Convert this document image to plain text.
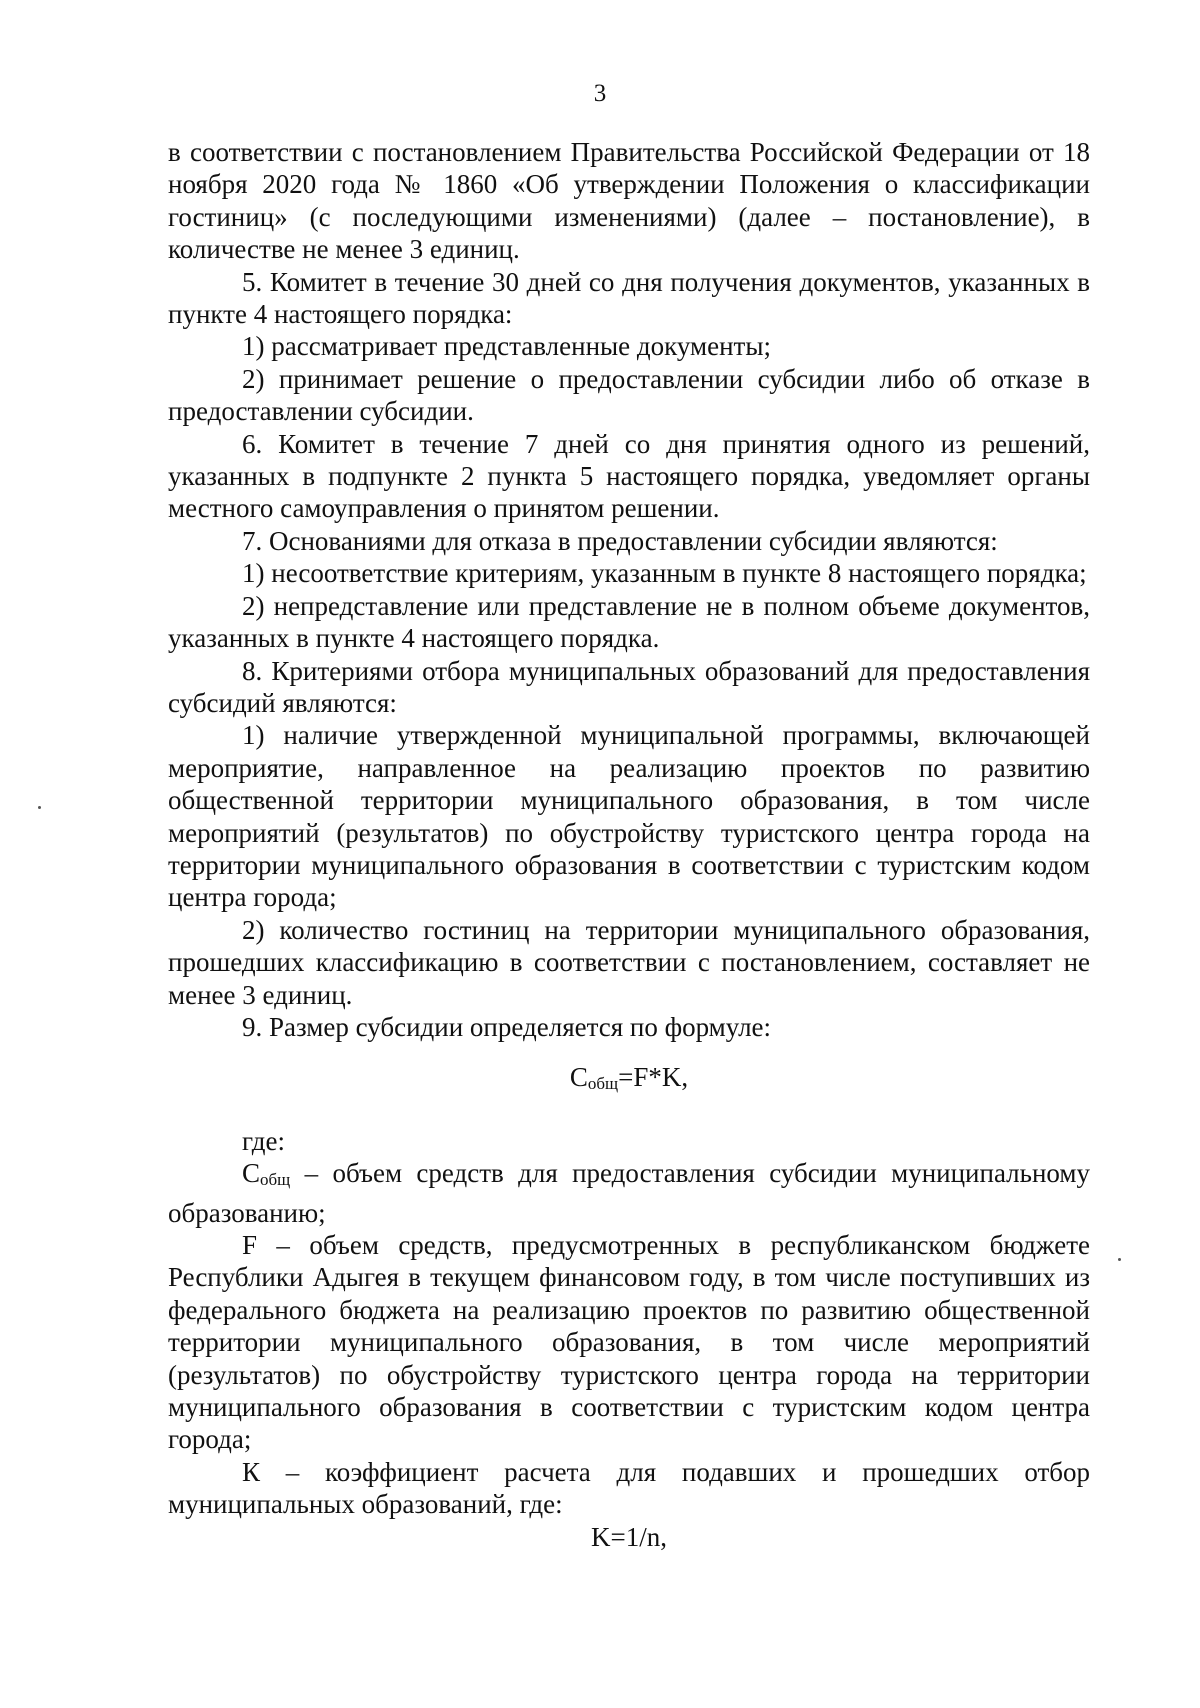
3

в соответствии с постановлением Правительства Российской Федерации от 18 ноября 2020 года № 1860 «Об утверждении Положения о классификации гостиниц» (с последующими изменениями) (далее – постановление), в количестве не менее 3 единиц.

5. Комитет в течение 30 дней со дня получения документов, указанных в пункте 4 настоящего порядка:

1) рассматривает представленные документы;

2) принимает решение о предоставлении субсидии либо об отказе в предоставлении субсидии.

6. Комитет в течение 7 дней со дня принятия одного из решений, указанных в подпункте 2 пункта 5 настоящего порядка, уведомляет органы местного самоуправления о принятом решении.

7. Основаниями для отказа в предоставлении субсидии являются:

1) несоответствие критериям, указанным в пункте 8 настоящего порядка;

2) непредставление или представление не в полном объеме документов, указанных в пункте 4 настоящего порядка.

8. Критериями отбора муниципальных образований для предоставления субсидий являются:

1) наличие утвержденной муниципальной программы, включающей мероприятие, направленное на реализацию проектов по развитию общественной территории муниципального образования, в том числе мероприятий (результатов) по обустройству туристского центра города на территории муниципального образования в соответствии с туристским кодом центра города;

2) количество гостиниц на территории муниципального образования, прошедших классификацию в соответствии с постановлением, составляет не менее 3 единиц.

9. Размер субсидии определяется по формуле:

Cобщ=F*K,

где:

Собщ – объем средств для предоставления субсидии муниципальному образованию;

F – объем средств, предусмотренных в республиканском бюджете Республики Адыгея в текущем финансовом году, в том числе поступивших из федерального бюджета на реализацию проектов по развитию общественной территории муниципального образования, в том числе мероприятий (результатов) по обустройству туристского центра города на территории муниципального образования в соответствии с туристским кодом центра города;

К – коэффициент расчета для подавших и прошедших отбор муниципальных образований, где:

K=1/n,
